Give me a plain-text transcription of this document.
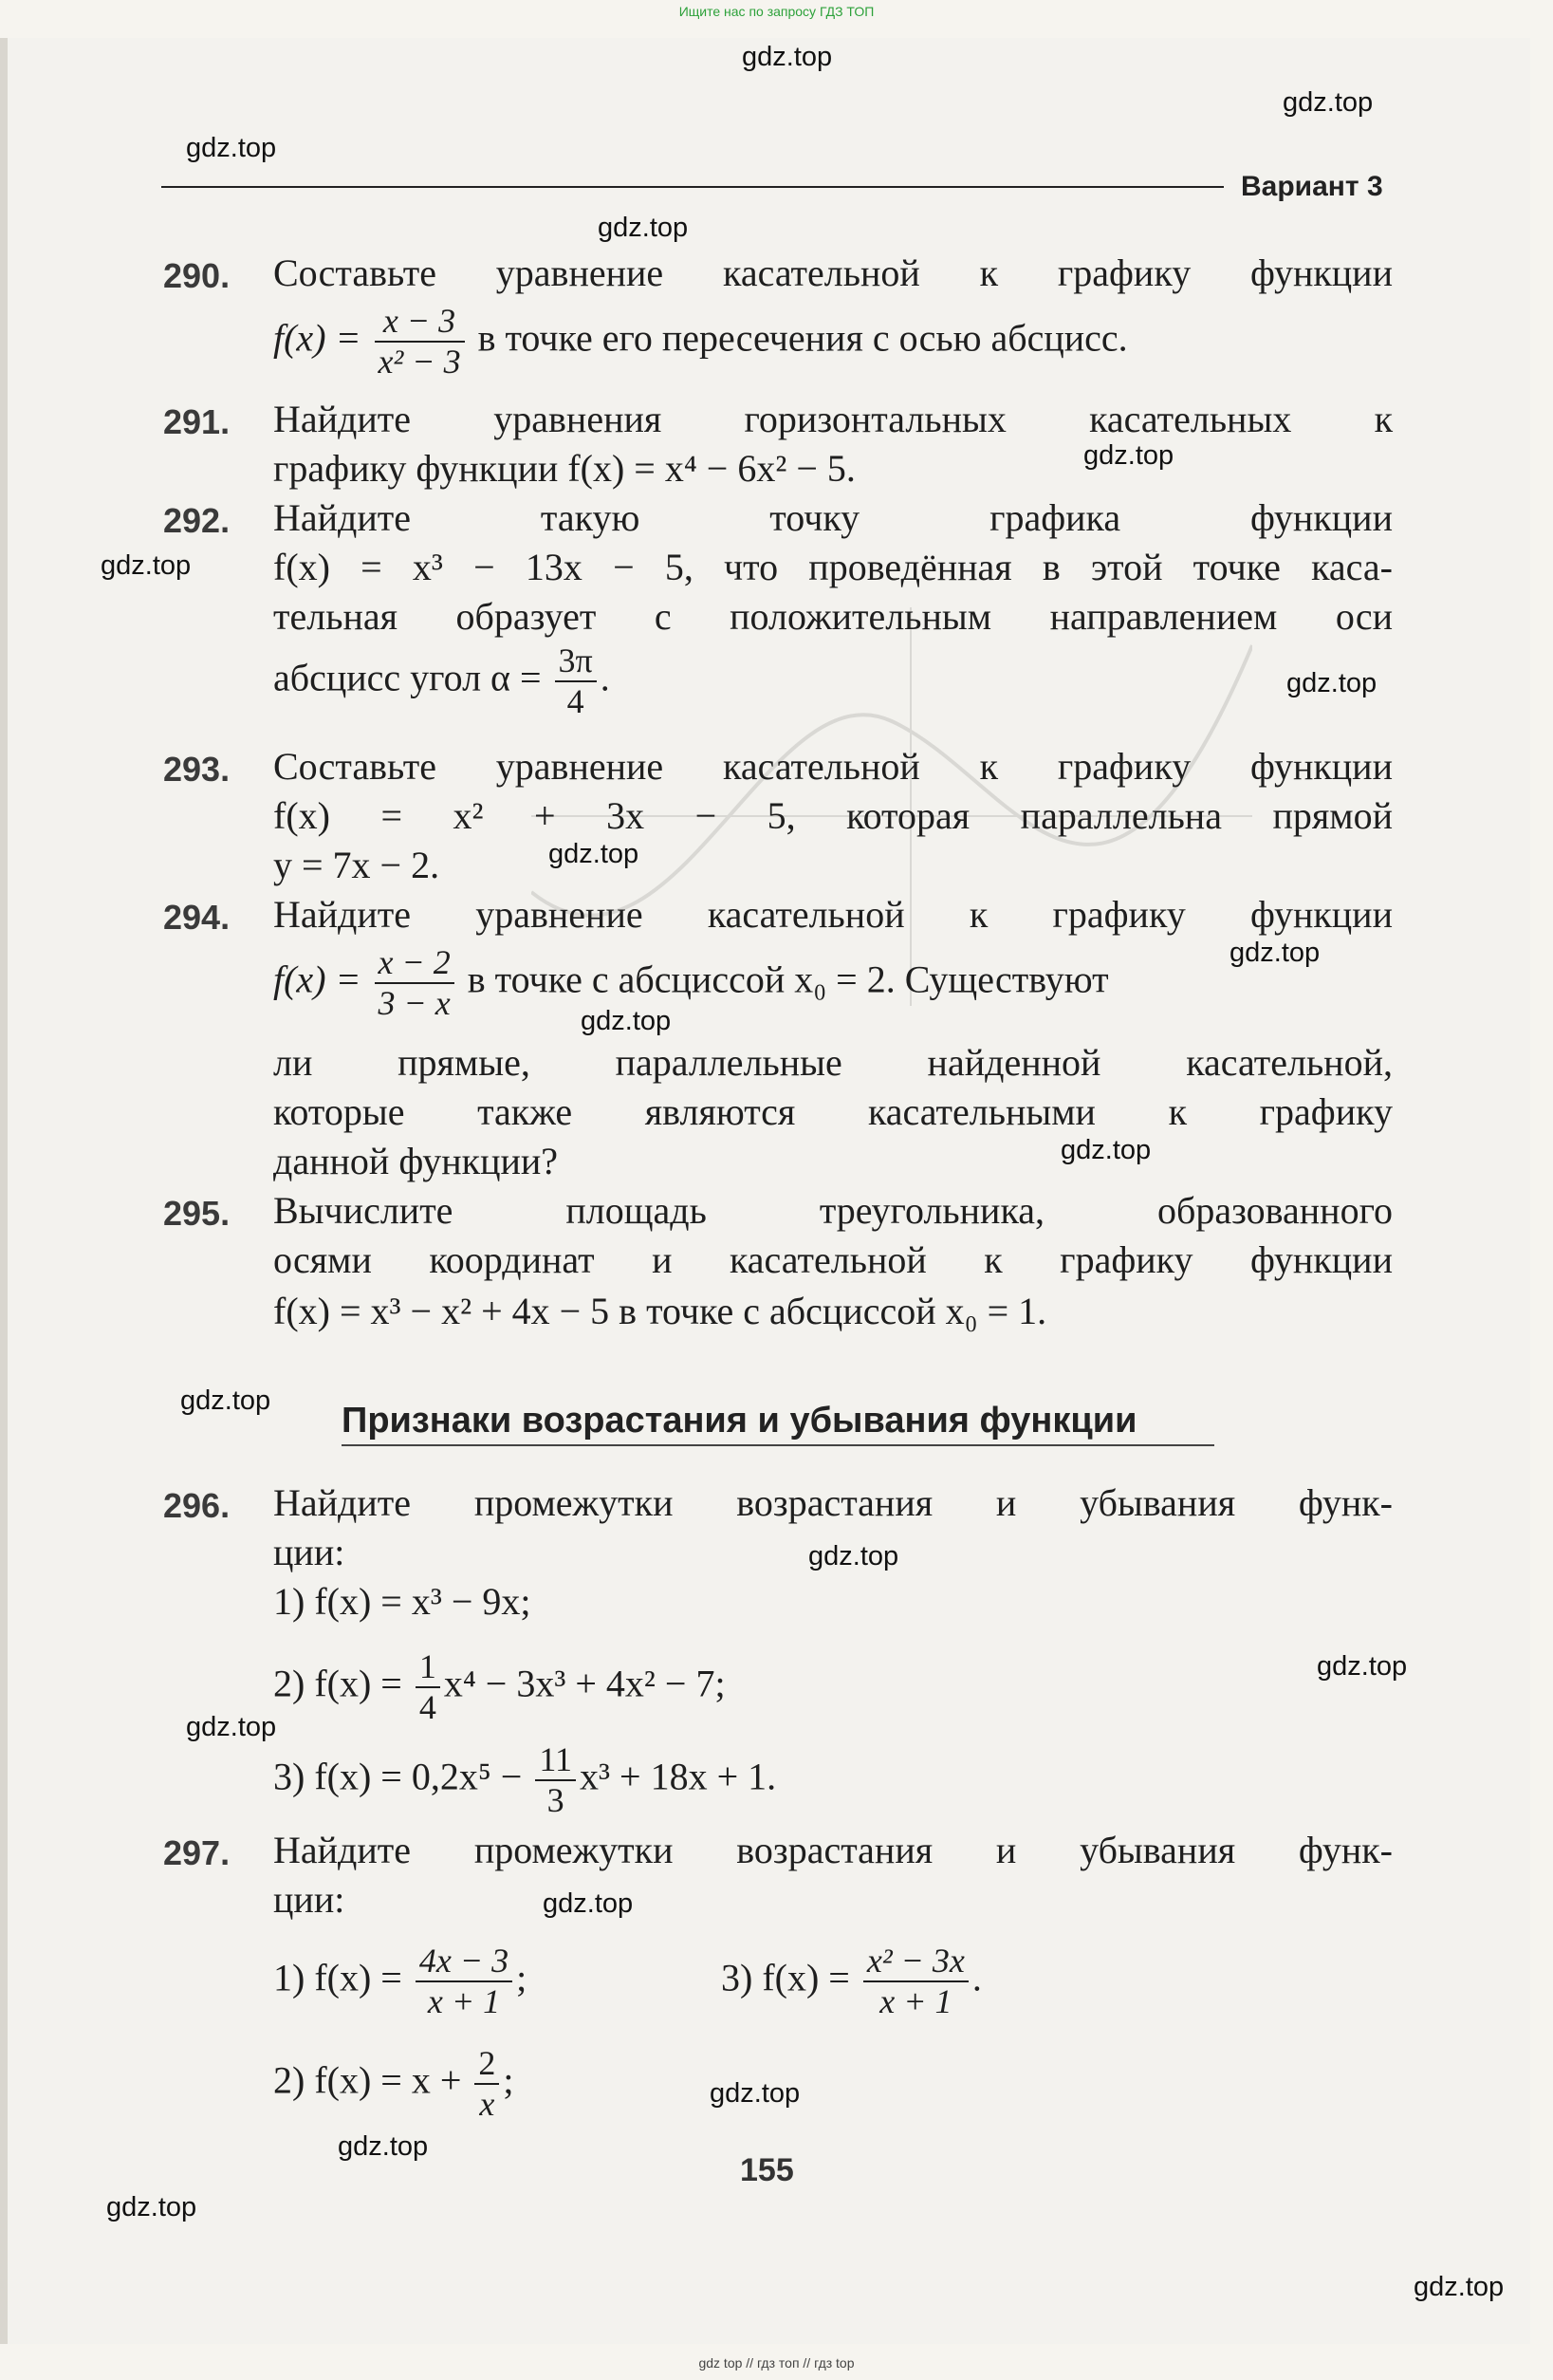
Ищите нас по запросу ГДЗ ТОП
Вариант 3
290. Составьте уравнение касательной к графику функции
$f(x) = \frac{x - 3}{\text{x² − 3}}$ в точке его пересечения с осью абсцисс.
291. Найдите уравнения горизонтальных касательных к
графику функции f(x) = x⁴ − 6x² − 5.
292. Найдите такую точку графика функции
f(x) = x³ − 13x − 5, что проведённая в этой точке каса-
тельная образует с положительным направлением оси
абсцисс угол $\alpha = \frac{3\pi}{4}$ .
293. Составьте уравнение касательной к графику функции
f(x) = x² + 3x − 5, которая параллельна прямой
y = 7x − 2.
294. Найдите уравнение касательной к графику функции
$f(x) = \frac{x - 2}{3 - x}$ в точке с абсциссой x₀ = 2. Существуют
ли прямые, параллельные найденной касательной,
которые также являются касательными к графику
данной функции?
295. Вычислите площадь треугольника, образованного
осями координат и касательной к графику функции
f(x) = x³ − x² + 4x − 5 в точке с абсциссой x₀ = 1.
Признаки возрастания и убывания функции
296. Найдите промежутки возрастания и убывания функ-
ции:
1) f(x) = x³ − 9x;
2) $f(x) = \frac{1}{4} x^4 - 3x^3 + 4x^2 - 7$;
3) $f(x) = 0,2x^5 - \frac{11}{3} x^3 + 18x + 1$.
297. Найдите промежутки возрастания и убывания функ-
ции:
1) $f(x) = \frac{4x - 3}{x + 1}$ ;	3) $f(x) = \frac{\text{x² − 3x}}{x + 1}$ .
2) $f(x) = x + \frac{2}{x}$ ;
155
gdz.top
gdz.top
gdz.top
gdz.top
gdz.top
gdz.top
gdz.top
gdz.top
gdz.top
gdz.top
gdz.top
gdz.top
gdz.top
gdz.top
gdz.top
gdz.top
gdz.top
gdz.top
gdz.top
gdz.top
gdz top // гдз топ // гдз top
